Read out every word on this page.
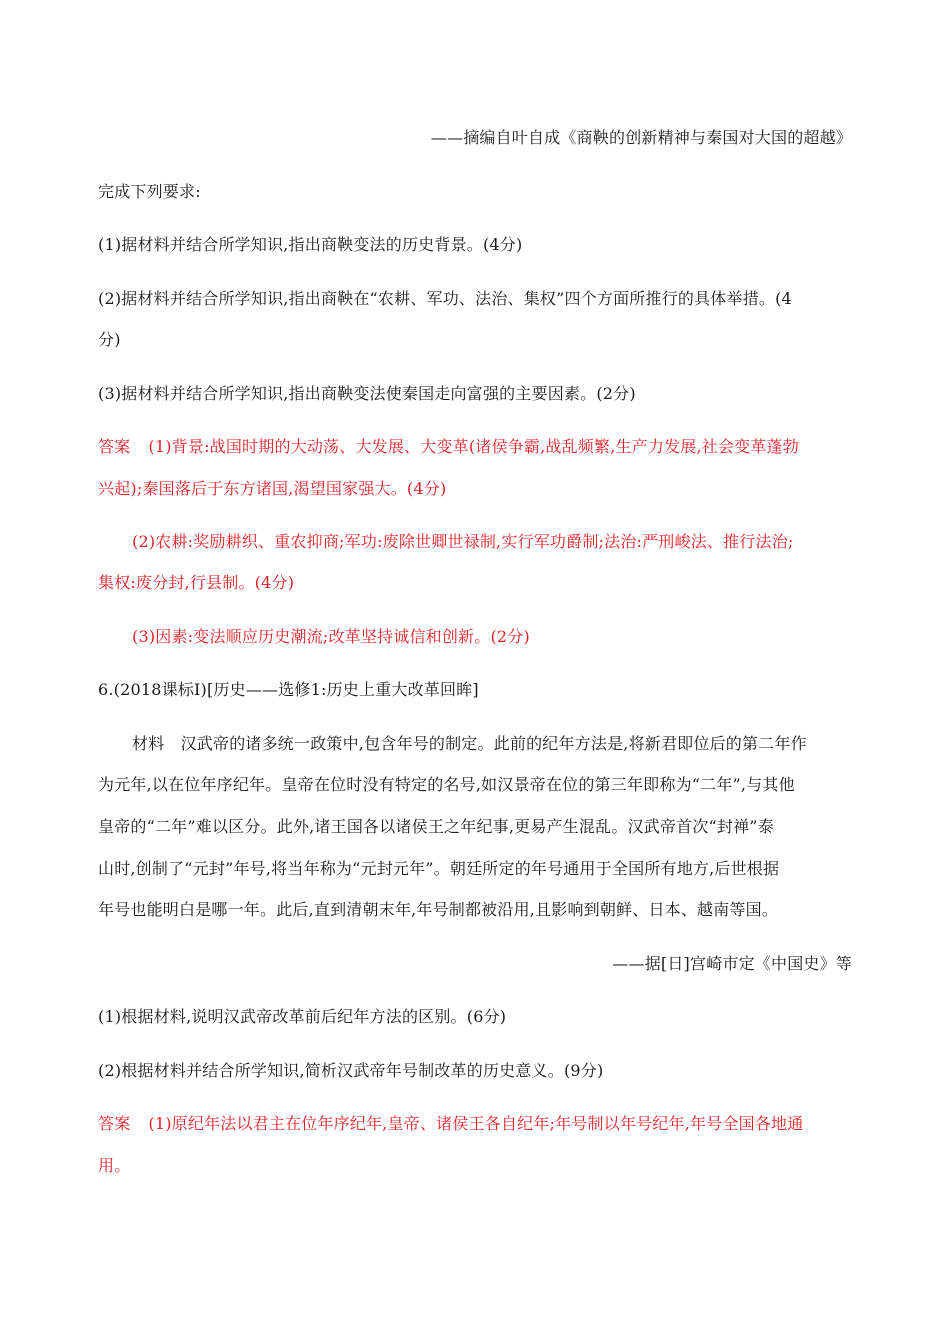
——摘编自叶自成《商鞅的创新精神与秦国对大国的超越》
完成下列要求:
(1)据材料并结合所学知识,指出商鞅变法的历史背景。(4分)
(2)据材料并结合所学知识,指出商鞅在“农耕、军功、法治、集权”四个方面所推行的具体举措。(4
分)
(3)据材料并结合所学知识,指出商鞅变法使秦国走向富强的主要因素。(2分)
答案 (1)背景:战国时期的大动荡、大发展、大变革(诸侯争霸,战乱频繁,生产力发展,社会变革蓬勃
兴起);秦国落后于东方诸国,渴望国家强大。(4分)
(2)农耕:奖励耕织、重农抑商;军功:废除世卿世禄制,实行军功爵制;法治:严刑峻法、推行法治;
集权:废分封,行县制。(4分)
(3)因素:变法顺应历史潮流;改革坚持诚信和创新。(2分)
6.(2018课标Ⅰ)[历史——选修1:历史上重大改革回眸]
材料　汉武帝的诸多统一政策中,包含年号的制定。此前的纪年方法是,将新君即位后的第二年作
为元年,以在位年序纪年。皇帝在位时没有特定的名号,如汉景帝在位的第三年即称为“二年”,与其他
皇帝的“二年”难以区分。此外,诸王国各以诸侯王之年纪事,更易产生混乱。汉武帝首次“封禅”泰
山时,创制了“元封”年号,将当年称为“元封元年”。朝廷所定的年号通用于全国所有地方,后世根据
年号也能明白是哪一年。此后,直到清朝末年,年号制都被沿用,且影响到朝鲜、日本、越南等国。
——据[日]宫崎市定《中国史》等
(1)根据材料,说明汉武帝改革前后纪年方法的区别。(6分)
(2)根据材料并结合所学知识,简析汉武帝年号制改革的历史意义。(9分)
答案 (1)原纪年法以君主在位年序纪年,皇帝、诸侯王各自纪年;年号制以年号纪年,年号全国各地通
用。
